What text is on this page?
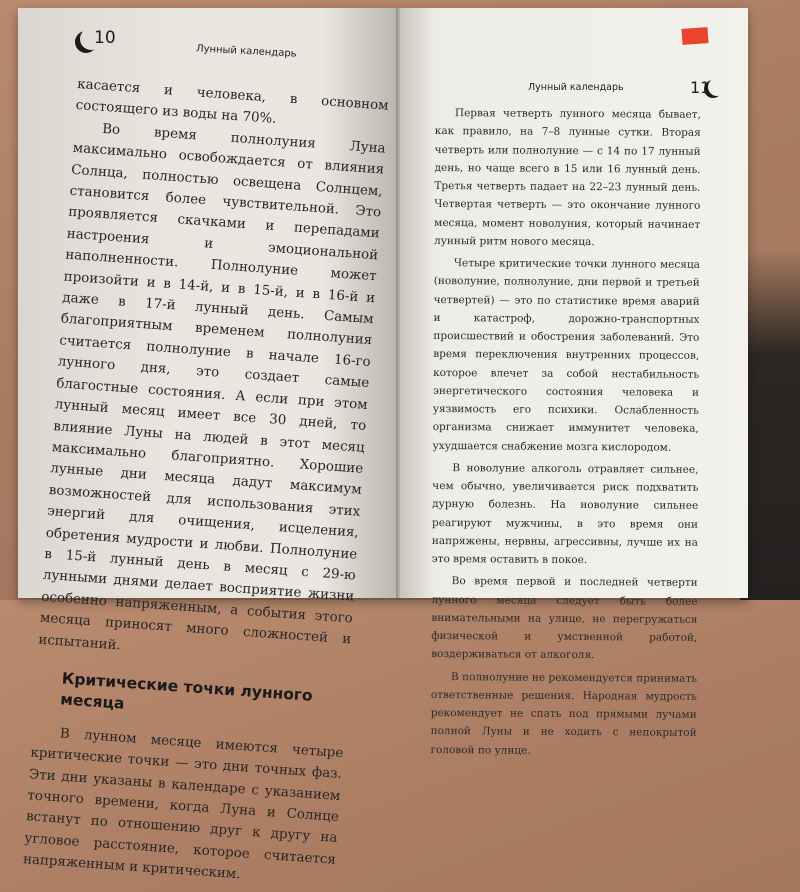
10
Лунный календарь

касается и человека, в основном состоящего из воды на 70%.

Во время полнолуния Луна максимально освобождается от влияния Солнца, полностью освещена Солнцем, становится более чувствительной. Это проявляется скачками и перепадами настроения и эмоциональной наполненности. Полнолуние может произойти и в 14-й, и в 15-й, и в 16-й и даже в 17-й лунный день. Самым благоприятным временем полнолуния считается полнолуние в начале 16-го лунного дня, это создает самые благостные состояния. А если при этом лунный месяц имеет все 30 дней, то влияние Луны на людей в этот месяц максимально благоприятно. Хорошие лунные дни месяца дадут максимум возможностей для использования этих энергий для очищения, исцеления, обретения мудрости и любви. Полнолуние в 15-й лунный день в месяц с 29-ю лунными днями делает восприятие жизни особенно напряженным, а события этого месяца приносят много сложностей и испытаний.

Критические точки лунного месяца

В лунном месяце имеются четыре критические точки — это дни точных фаз. Эти дни указаны в календаре с указанием точного времени, когда Луна и Солнце встанут по отношению друг к другу на угловое расстояние, которое считается напряженным и критическим.

Лунный календарь	11

Первая четверть лунного месяца бывает, как правило, на 7–8 лунные сутки. Вторая четверть или полнолуние — с 14 по 17 лунный день, но чаще всего в 15 или 16 лунный день. Третья четверть падает на 22–23 лунный день. Четвертая четверть — это окончание лунного месяца, момент новолуния, который начинает лунный ритм нового месяца.

Четыре критические точки лунного месяца (новолуние, полнолуние, дни первой и третьей четвертей) — это по статистике время аварий и катастроф, дорожно-транспортных происшествий и обострения заболеваний. Это время переключения внутренних процессов, которое влечет за собой нестабильность энергетического состояния человека и уязвимость его психики. Ослабленность организма снижает иммунитет человека, ухудшается снабжение мозга кислородом.

В новолуние алкоголь отравляет сильнее, чем обычно, увеличивается риск подхватить дурную болезнь. На новолуние сильнее реагируют мужчины, в это время они напряжены, нервны, агрессивны, лучше их на это время оставить в покое.

Во время первой и последней четверти лунного месяца следует быть более внимательными на улице, не перегружаться физической и умственной работой, воздерживаться от алкоголя.

В полнолуние не рекомендуется принимать ответственные решения. Народная мудрость рекомендует не спать под прямыми лучами полной Луны и не ходить с непокрытой головой по улице.
